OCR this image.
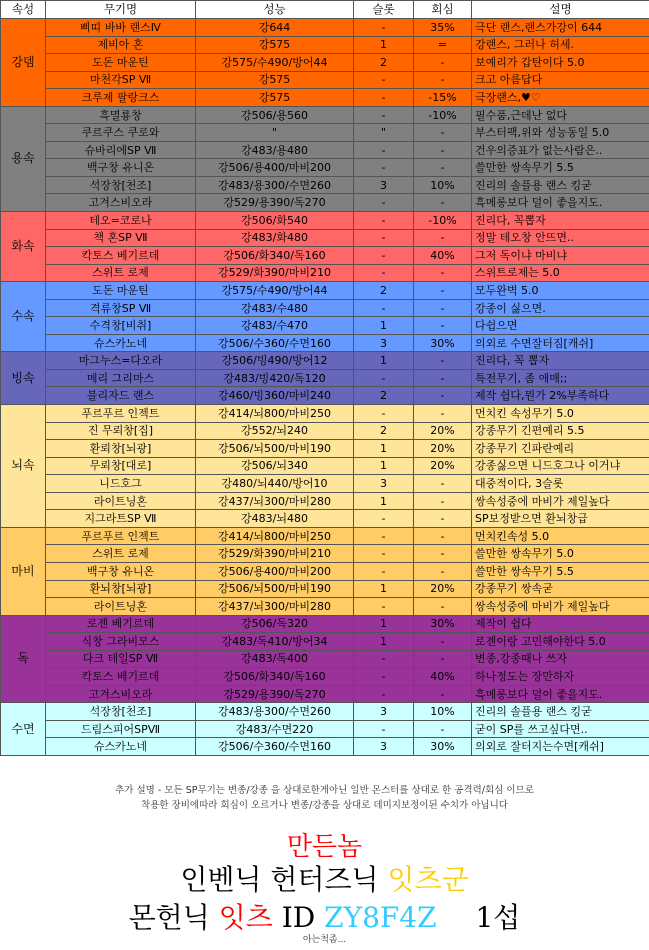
속성	무기명	성능	슬롯	회심	설명
강뎀	삐띠 바바 랜스Ⅳ	강644	-	35%	극단 랜스,랜스가강이 644
	제비아 혼	강575	1	=	강랜스, 그러나 허세.
	도돈 마운틴	강575/수490/방어44	2	-	보예리가 갑탄이다 5.0
	마천각SP Ⅶ	강575	-	-	크고 아름답다
	크루제 팔랑크스	강575	-	-15%	극장랜스,♥♡
용속	흑멸룡창	강506/용560	-	-10%	필수품,근데난 없다
	쿠르쿠스 쿠로와	"	"	-	부스터팩,위와 성능동일 5.0
	슈바리에SP Ⅶ	강483/용480	-	-	건우의증표가 없는사람은..
	백구창 유니온	강506/용400/마비200	-	-	쓸만한 쌍속무기 5.5
	석장창[천조]	강483/용300/수면260	3	10%	진리의 솔플용 랜스 킹굳
	고겨스비오라	강529/용390/독270	-	-	흑메롱보다 덜이 좋을지도.
화속	테오=코로나	강506/화540	-	-10%	진리다, 꼭뽑자
	책 혼SP Ⅶ	강483/화480	-	-	정말 테오창 안뜨면..
	칵토스 베기르데	강506/화340/독160	-	40%	그저 독이냐 마비냐
	스위트 로제	강529/화390/마비210	-	-	스위트로제는 5.0
수속	도돈 마운틴	강575/수490/방어44	2	-	모두완벽 5.0
	격류창SP Ⅶ	강483/수480	-	-	강종이 싫으면.
	수격창[비취]	강483/수470	1	-	다쉽으면
	슈스카노네	강506/수360/수면160	3	30%	의외로 수면잘터짐[캐쉬]
빙속	마그누스=다오라	강506/빙490/방어12	1	-	진리다, 꼭 뽑자
	메리 그리마스	강483/빙420/독120	-	-	특전무기, 좀 애매;;
	블리자드 랜스	강460/빙360/마비240	2	-	제작 쉽다,뭔가 2%부족하다
뇌속	푸르푸르 인젝트	강414/뇌800/마비250	-	-	먼치킨 속성무기 5.0
	진 무뢰창[집]	강552/뇌240	2	20%	강종무기 긴편예리 5.5
	환뢰창[뇌광]	강506/뇌500/마비190	1	20%	강종무기 긴파란예리
	무뢰창[대로]	강506/뇌340	1	20%	강종싫으면 니드호그나 이거냐
	니드호그	강480/뇌440/방어10	3	-	대중적이다, 3슬롯
	라이트닝혼	강437/뇌300/마비280	1	-	쌍속성중에 마비가 제일높다
	지그라트SP Ⅶ	강483/뇌480	-	-	SP보정받으면 환뇌창급
마비	푸르푸르 인젝트	강414/뇌800/마비250	-	-	먼치킨속성 5.0
	스위트 로제	강529/화390/마비210	-	-	쓸만한 쌍속무기 5.0
	백구창 유니온	강506/용400/마비200	-	-	쓸만한 쌍속무기 5.5
	환뇌창[뇌광]	강506/뇌500/마비190	1	20%	강종무기 쌍속굳
	라이트닝혼	강437/뇌300/마비280	-	-	쌍속성중에 마비가 제일높다
독	로젠 베기르데	강506/독320	1	30%	제작이 쉽다
	식창 그라비모스	강483/독410/방어34	1	-	로젠이랑 고민해야한다 5.0
	다크 테일SP Ⅶ	강483/독400	-	-	변종,강종때나 쓰자
	칵토스 베기르데	강506/화340/독160	-	40%	하나정도는 장만하자
	고겨스비오라	강529/용390/독270	-	-	흑메롱보다 덜이 좋을지도.
수면	석장창[천조]	강483/용300/수면260	3	10%	진리의 솔플용 랜스 킹굳
	드림스피어SPⅦ	강483/수면220	-	-	굳이 SP를 쓰고싶다면..
	슈스카노네	강506/수360/수면160	3	30%	의외로 잘터지는수면[캐쉬]
추가 설명 - 모든 SP무기는 변종/강종 을 상대로한게아닌 일반 몬스터를 상대로 한 공격력/회심 이므로
착용한 장비에따라 회심이 오르거나 변종/강종을 상대로 데미지보정이된 수치가 아닙니다
만든놈
인벤닉 헌터즈닉 잇츠군
몬헌닉 잇츠 ID ZY8F4Z 1섭
아는척좀...
